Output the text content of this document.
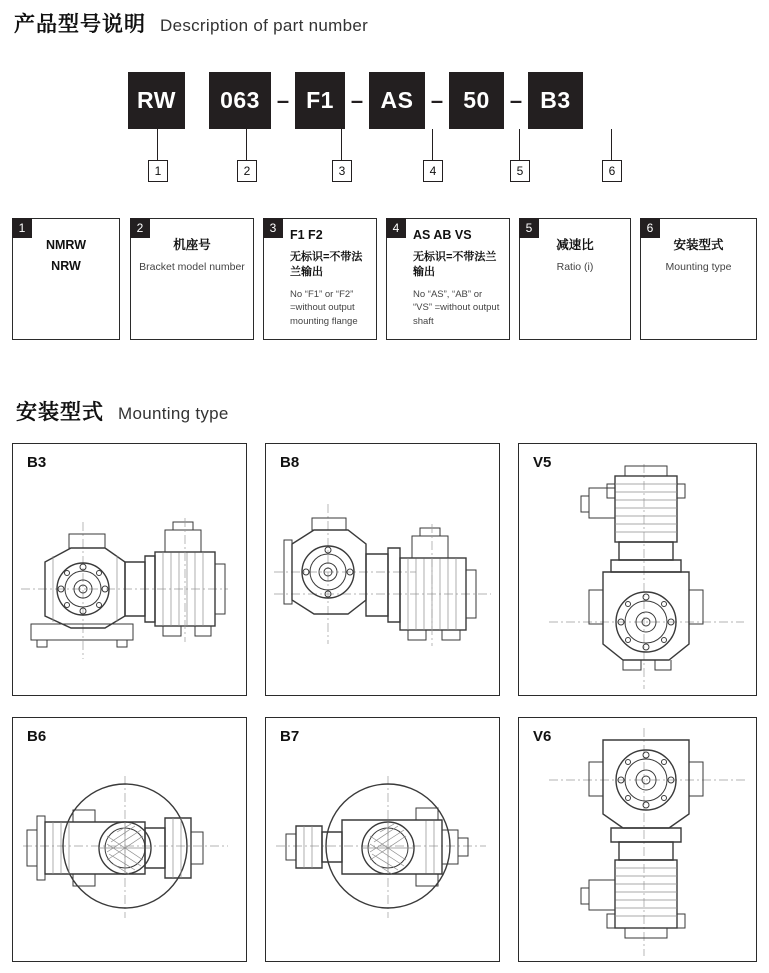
产品型号说明 Description of part number
RW	063 – F1 – AS – 50 – B3
1	2	3	4	5	6
1
NMRW
NRW
2
机座号
Bracket model number
3	F1 F2
无标识=不带法兰输出
No “F1” or “F2” =without output mounting flange
4	AS AB VS
无标识=不带法兰输出
No “AS”, “AB” or “VS” =without output shaft
5
减速比
Ratio (i)
6
安装型式
Mounting type
安装型式 Mounting type
B3	B8	V5
B6	B7	V6
